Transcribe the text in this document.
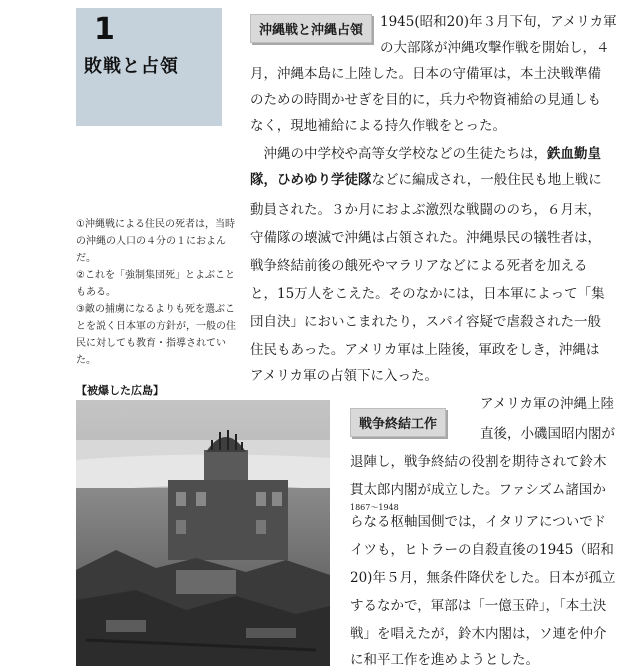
1
敗戦と占領
沖縄戦と沖縄占領
1945(昭和20)年３月下旬，アメリカ軍
の大部隊が沖縄攻撃作戦を開始し，４
月，沖縄本島に上陸した。日本の守備軍は，本土決戦準備
のための時間かせぎを目的に，兵力や物資補給の見通しも
なく，現地補給による持久作戦をとった。
　沖縄の中学校や高等女学校などの生徒たちは，鉄血勤皇
隊，ひめゆり学徒隊などに編成され，一般住民も地上戦に
動員された。３か月におよぶ激烈な戦闘ののち，６月末，
守備隊の壊滅で沖縄は占領された。沖縄県民の犠牲者は，
戦争終結前後の餓死やマラリアなどによる死者を加える
と，15万人をこえた。そのなかには，日本軍によって「集
団自決」においこまれたり，スパイ容疑で虐殺された一般
住民もあった。アメリカ軍は上陸後，軍政をしき，沖縄は
アメリカ軍の占領下に入った。

①沖縄戦による住民の死者は，当時の沖縄の人口の４分の１におよんだ。

②これを「強制集団死」とよぶこともある。

③敵の捕虜になるよりも死を選ぶことを説く日本軍の方針が，一般の住民に対しても教育・指導されていた。

【被爆した広島】
戦争終結工作
アメリカ軍の沖縄上陸
直後，小磯国昭内閣が
退陣し，戦争終結の役割を期待されて鈴木
貫太郎内閣が成立した。ファシズム諸国か
1867〜1948
らなる枢軸国側では，イタリアについでド
イツも，ヒトラーの自殺直後の1945（昭和
20)年５月，無条件降伏をした。日本が孤立
するなかで，軍部は「一億玉砕」，「本土決
戦」を唱えたが，鈴木内閣は，ソ連を仲介
に和平工作を進めようとした。
